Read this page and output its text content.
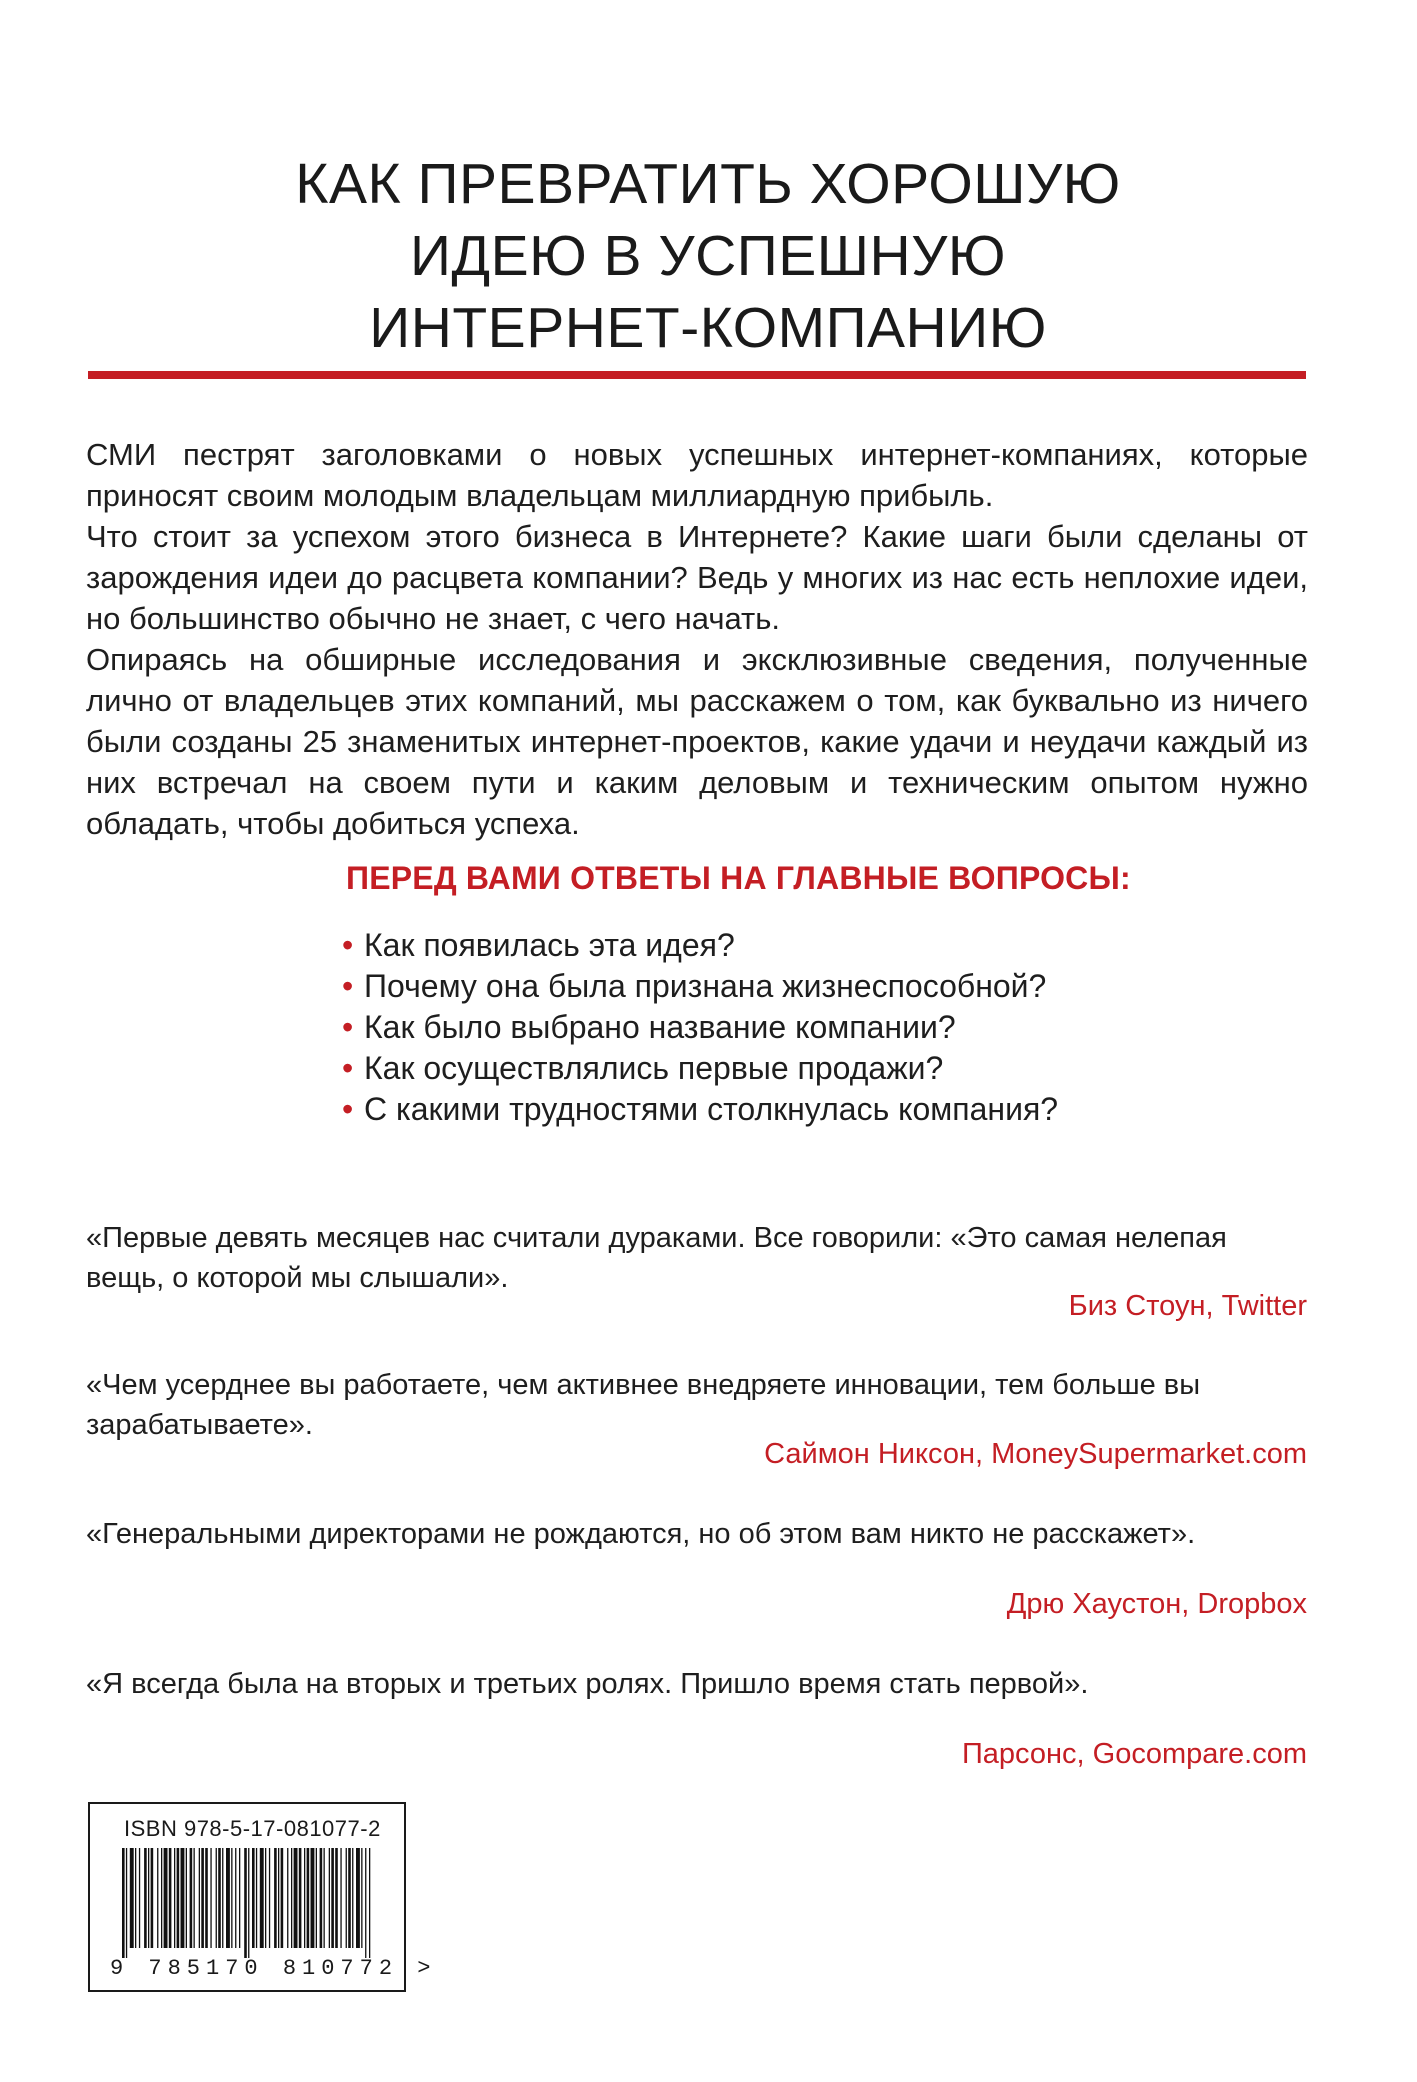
КАК ПРЕВРАТИТЬ ХОРОШУЮ
ИДЕЮ В УСПЕШНУЮ
ИНТЕРНЕТ-КОМПАНИЮ

СМИ пестрят заголовками о новых успешных интернет-компаниях, которые приносят своим молодым владельцам миллиардную прибыль.

Что стоит за успехом этого бизнеса в Интернете? Какие шаги были сделаны от зарождения идеи до расцвета компании? Ведь у многих из нас есть неплохие идеи, но большинство обычно не знает, с чего начать.

Опираясь на обширные исследования и эксклюзивные сведения, полученные лично от владельцев этих компаний, мы расскажем о том, как буквально из ничего были созданы 25 знаменитых интернет-проектов, какие удачи и неудачи каждый из них встречал на своем пути и каким деловым и техническим опытом нужно обладать, чтобы добиться успеха.

ПЕРЕД ВАМИ ОТВЕТЫ НА ГЛАВНЫЕ ВОПРОСЫ:
• Как появилась эта идея?
• Почему она была признана жизнеспособной?
• Как было выбрано название компании?
• Как осуществлялись первые продажи?
• С какими трудностями столкнулась компания?
«Первые девять месяцев нас считали дураками. Все говорили: «Это самая нелепая вещь, о которой мы слышали».
Биз Стоун, Twitter
«Чем усерднее вы работаете, чем активнее внедряете инновации, тем больше вы зарабатываете».
Саймон Никсон, MoneySupermarket.com
«Генеральными директорами не рождаются, но об этом вам никто не расскажет».
Дрю Хаустон, Dropbox
«Я всегда была на вторых и третьих ролях. Пришло время стать первой».
Парсонс, Gocompare.com
ISBN 978-5-17-081077-2
9 785170 810772 >
